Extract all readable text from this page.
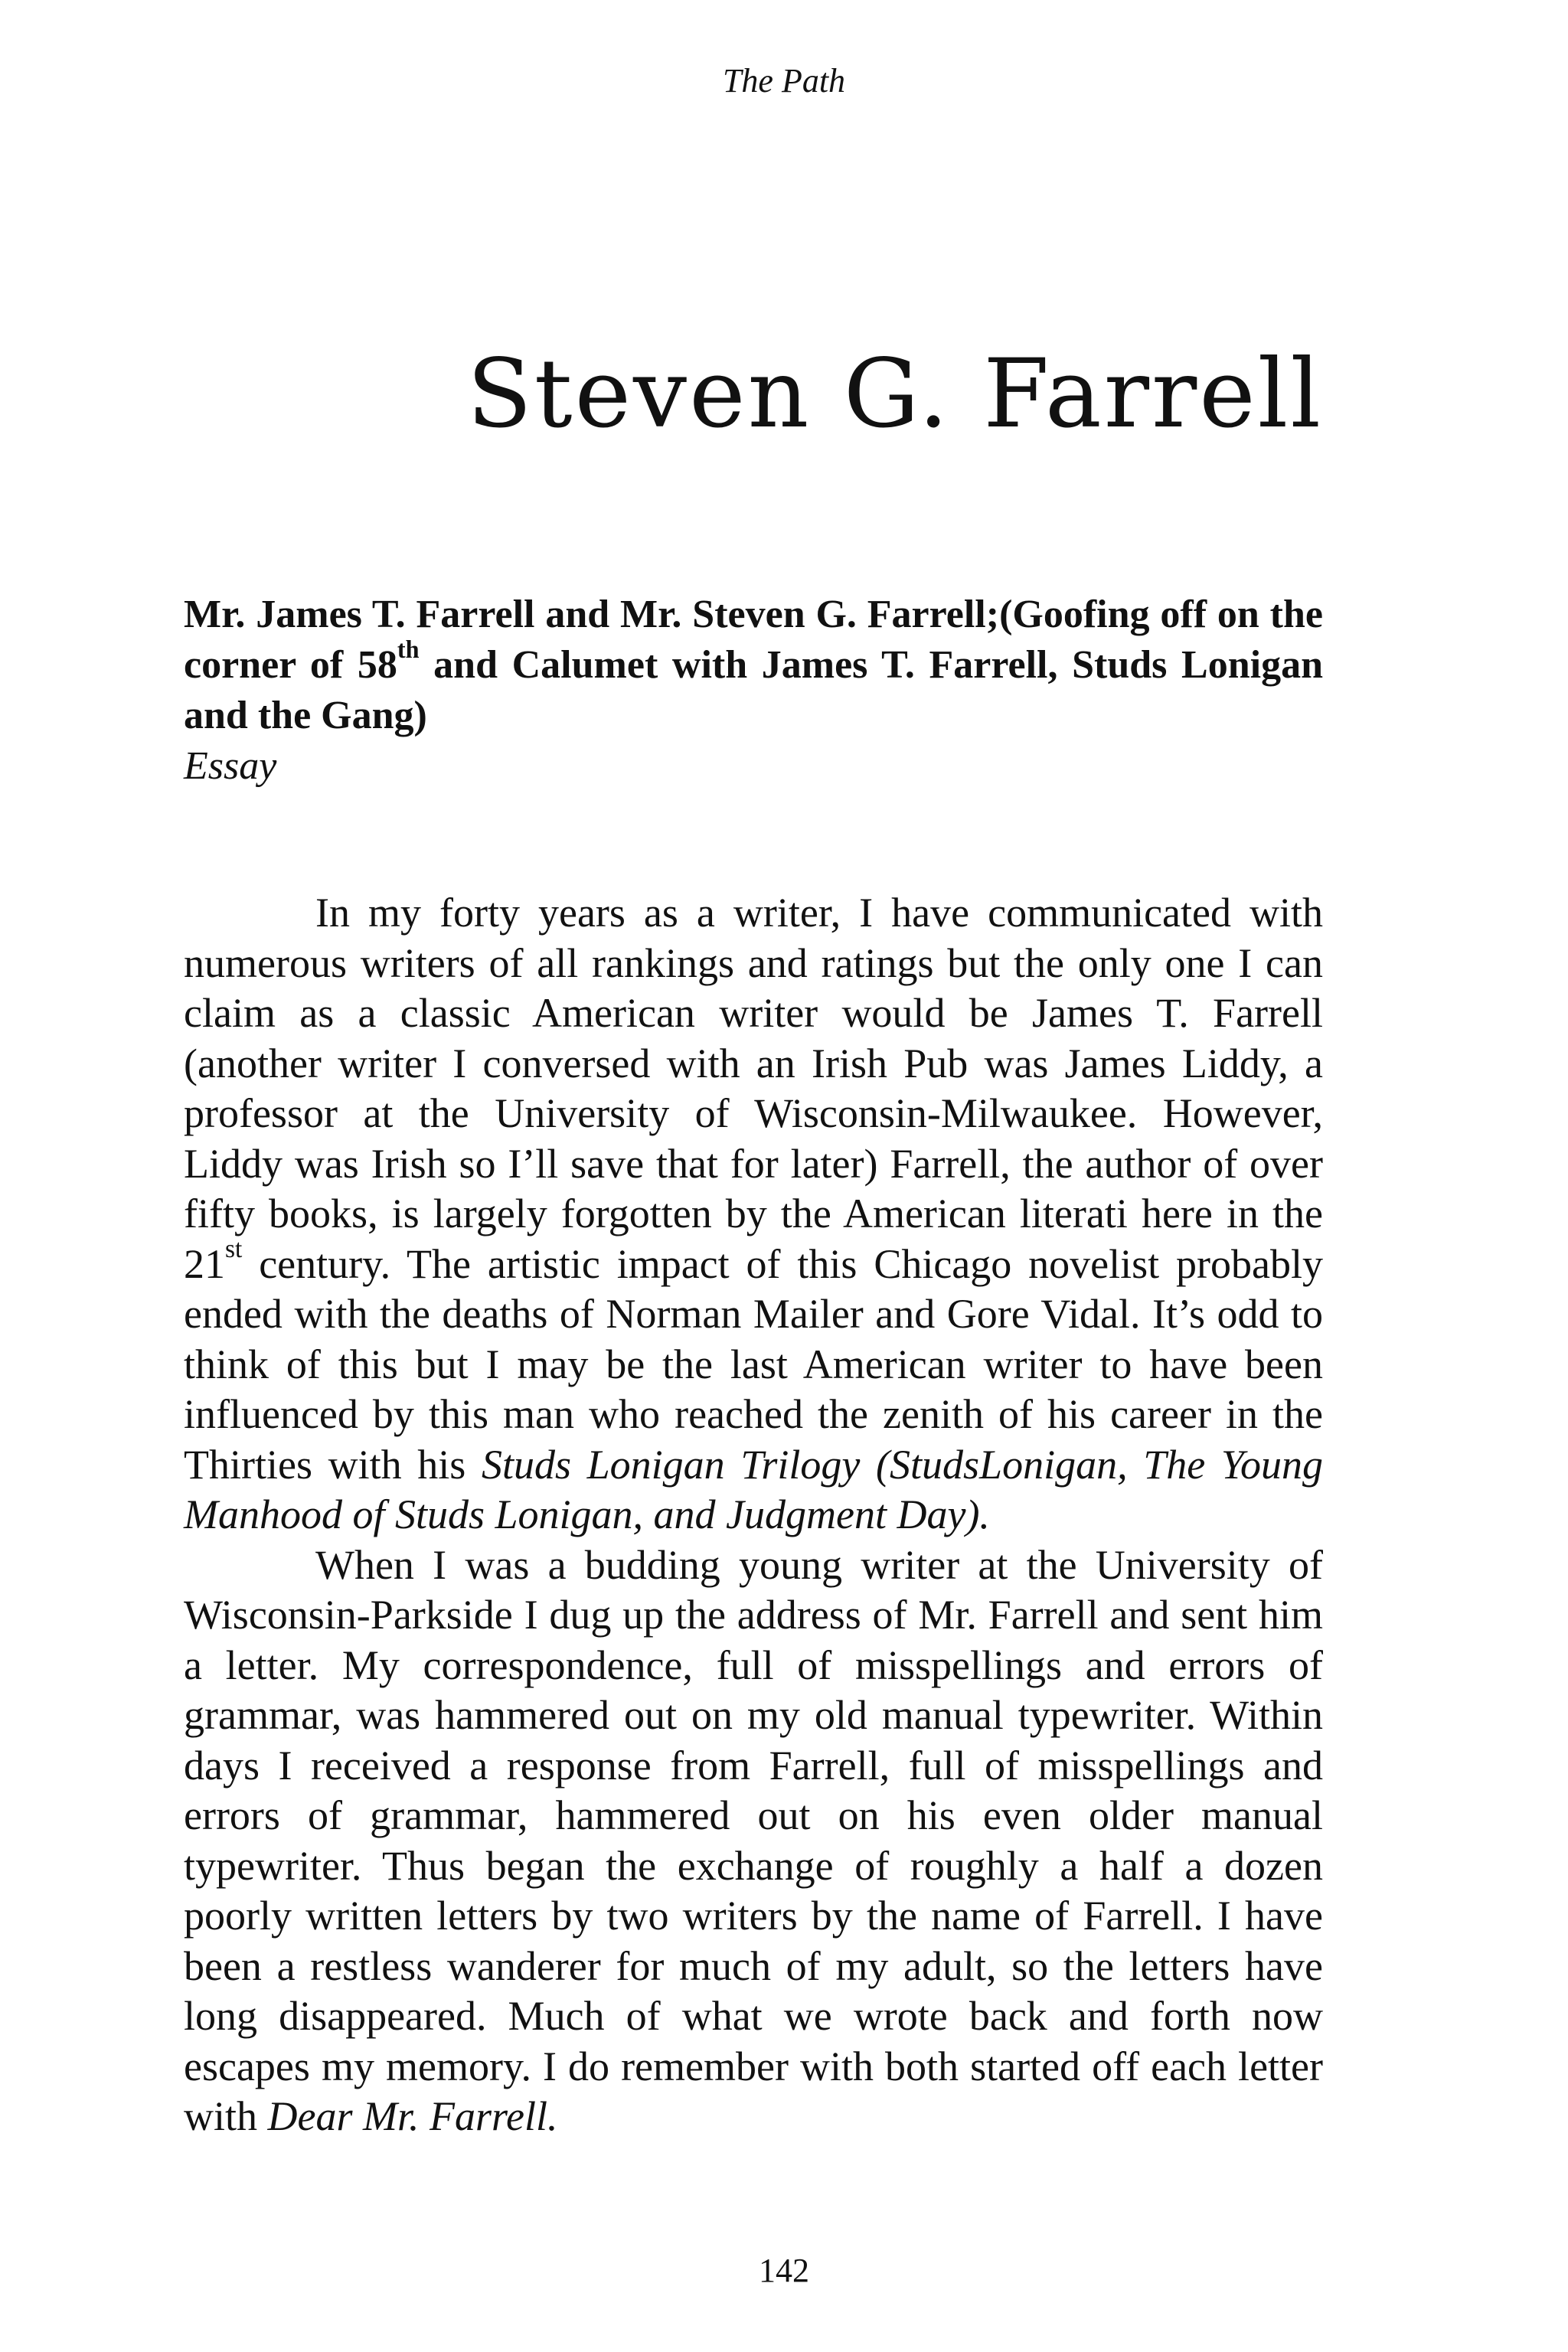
The Path
Steven G. Farrell

Mr. James T. Farrell and Mr. Steven G. Farrell;(Goofing off on the corner of 58th and Calumet with James T. Farrell, Studs Lonigan and the Gang)

Essay

In my forty years as a writer, I have communicated with numerous writers of all rankings and ratings but the only one I can claim as a classic American writer would be James T. Farrell (another writer I conversed with an Irish Pub was James Liddy, a professor at the University of Wisconsin-Milwaukee. However, Liddy was Irish so I’ll save that for later) Farrell, the author of over fifty books, is largely forgotten by the American literati here in the 21st century. The artistic impact of this Chicago novelist probably ended with the deaths of Norman Mailer and Gore Vidal. It’s odd to think of this but I may be the last American writer to have been influenced by this man who reached the zenith of his career in the Thirties with his Studs Lonigan Trilogy (StudsLonigan, The Young Manhood of Studs Lonigan, and Judgment Day).

When I was a budding young writer at the University of Wisconsin-Parkside I dug up the address of Mr. Farrell and sent him a letter. My correspondence, full of misspellings and errors of grammar, was hammered out on my old manual typewriter. Within days I received a response from Farrell, full of misspellings and errors of grammar, hammered out on his even older manual typewriter. Thus began the exchange of roughly a half a dozen poorly written letters by two writers by the name of Farrell. I have been a restless wanderer for much of my adult, so the letters have long disappeared. Much of what we wrote back and forth now escapes my memory. I do remember with both started off each letter with Dear Mr. Farrell.

142
